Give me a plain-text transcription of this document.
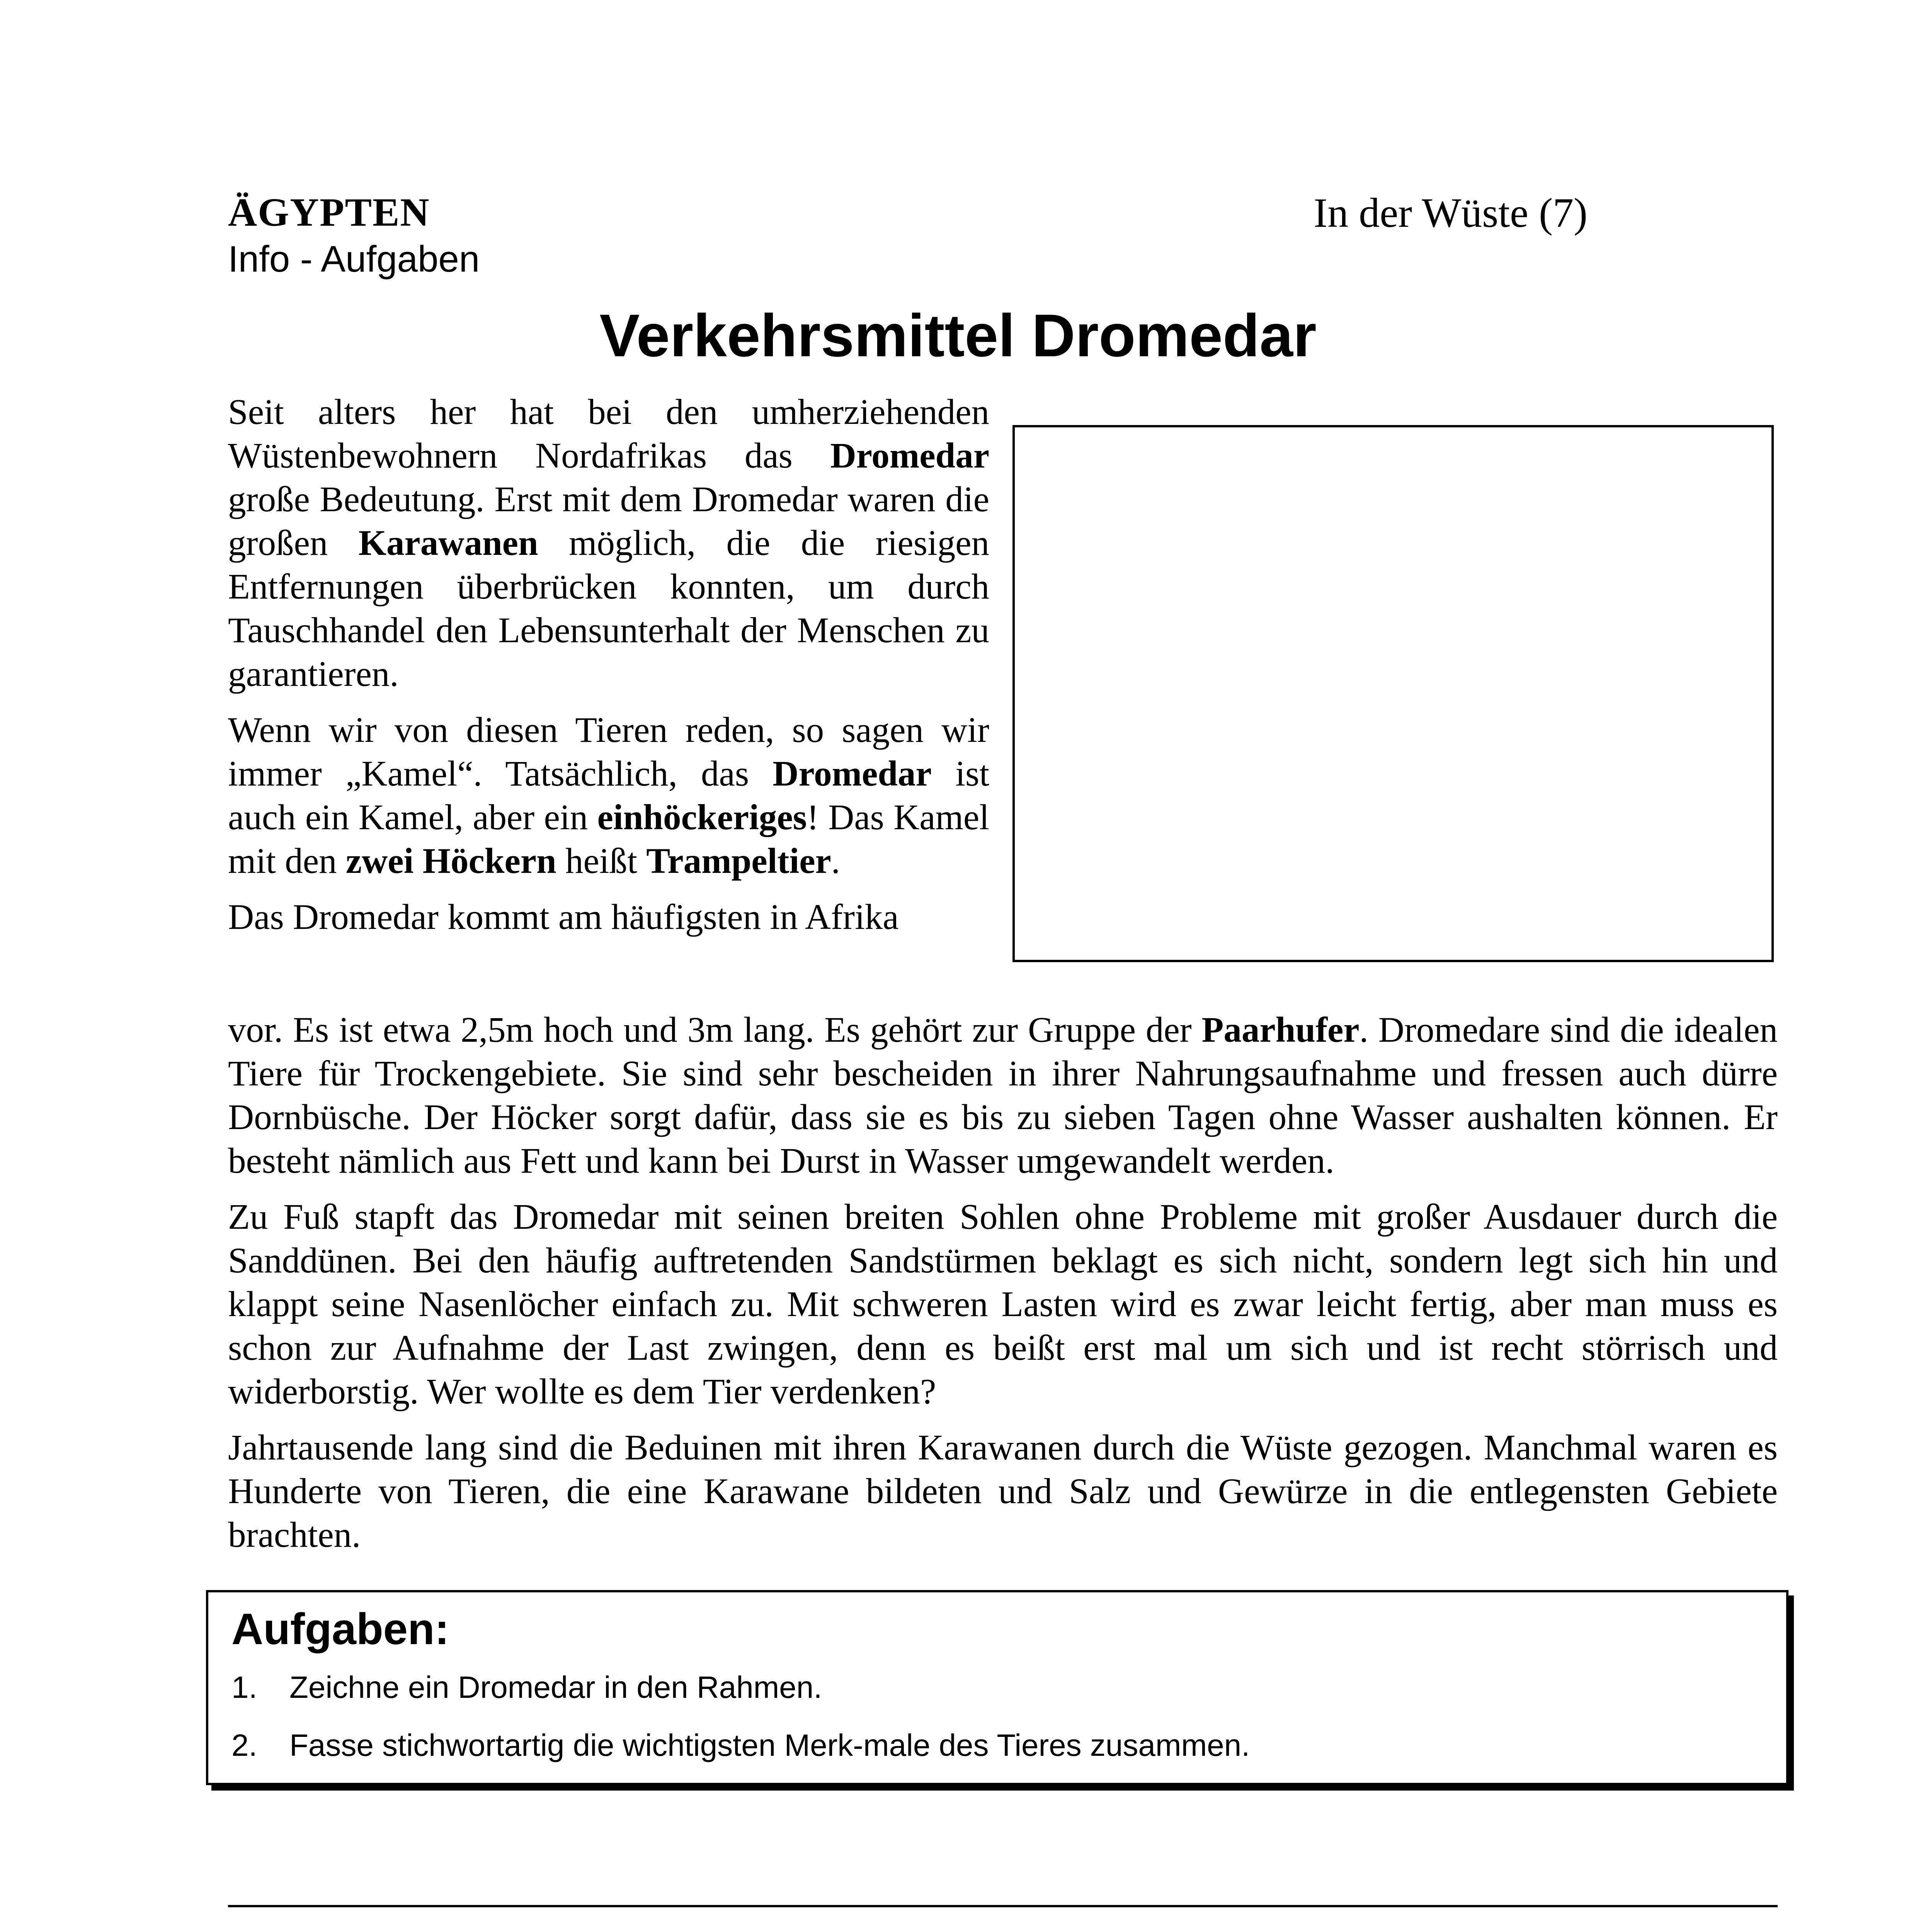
ÄGYPTEN
Info - Aufgaben
In der Wüste (7)
Verkehrsmittel Dromedar

Seit alters her hat bei den umherziehenden Wüstenbewohnern Nordafrikas das Dromedar große Bedeutung. Erst mit dem Dromedar waren die großen Karawanen möglich, die die riesigen Entfernungen überbrücken konnten, um durch Tauschhandel den Lebensunterhalt der Menschen zu garantieren.

Wenn wir von diesen Tieren reden, so sagen wir immer „Kamel“. Tatsächlich, das Dromedar ist auch ein Kamel, aber ein einhöckeriges! Das Kamel mit den zwei Höckern heißt Trampeltier.

Das Dromedar kommt am häufigsten in Afrika

vor. Es ist etwa 2,5m hoch und 3m lang. Es gehört zur Gruppe der Paarhufer. Dromedare sind die idealen Tiere für Trockengebiete. Sie sind sehr bescheiden in ihrer Nahrungsaufnahme und fressen auch dürre Dornbüsche. Der Höcker sorgt dafür, dass sie es bis zu sieben Tagen ohne Wasser aushalten können. Er besteht nämlich aus Fett und kann bei Durst in Wasser umgewandelt werden.

Zu Fuß stapft das Dromedar mit seinen breiten Sohlen ohne Probleme mit großer Ausdauer durch die Sanddünen. Bei den häufig auftretenden Sandstürmen beklagt es sich nicht, sondern legt sich hin und klappt seine Nasenlöcher einfach zu. Mit schweren Lasten wird es zwar leicht fertig, aber man muss es schon zur Aufnahme der Last zwingen, denn es beißt erst mal um sich und ist recht störrisch und widerborstig. Wer wollte es dem Tier verdenken?

Jahrtausende lang sind die Beduinen mit ihren Karawanen durch die Wüste gezogen. Manchmal waren es Hunderte von Tieren, die eine Karawane bildeten und Salz und Gewürze in die entlegensten Gebiete brachten.

Aufgaben:
1. Zeichne ein Dromedar in den Rahmen.
2. Fasse stichwortartig die wichtigsten Merk-male des Tieres zusammen.
